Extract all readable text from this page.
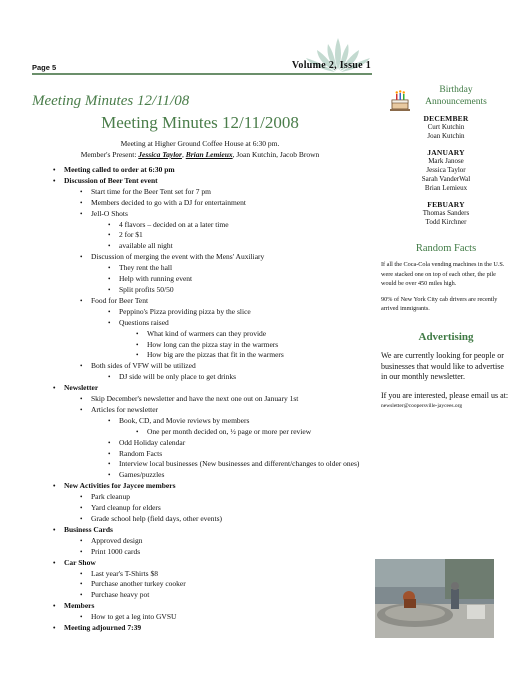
Page 5	Volume 2, Issue 1
Meeting Minutes 12/11/08
Meeting Minutes 12/11/2008
Meeting at Higher Ground Coffee House at 6:30 pm.
Member's Present: Jessica Taylor, Brian Lemieux, Joan Kutchin, Jacob Brown
• Meeting called to order at 6:30 pm
• Discussion of Beer Tent event
• Start time for the Beer Tent set for 7 pm
• Members decided to go with a DJ for entertainment
• Jell-O Shots
• 4 flavors – decided on at a later time
• 2 for $1
• available all night
• Discussion of merging the event with the Mens' Auxiliary
• They rent the hall
• Help with running event
• Split profits 50/50
• Food for Beer Tent
• Peppino's Pizza providing pizza by the slice
• Questions raised
• What kind of warmers can they provide
• How long can the pizza stay in the warmers
• How big are the pizzas that fit in the warmers
• Both sides of VFW will be utilized
• DJ side will be only place to get drinks
• Newsletter
• Skip December's newsletter and have the next one out on January 1st
• Articles for newsletter
• Book, CD, and Movie reviews by members
• One per month decided on, ½ page or more per review
• Odd Holiday calendar
• Random Facts
• Interview local businesses (New businesses and different/changes to older ones)
• Games/puzzles
• New Activities for Jaycee members
• Park cleanup
• Yard cleanup for elders
• Grade school help (field days, other events)
• Business Cards
• Approved design
• Print 1000 cards
• Car Show
• Last year's T-Shirts $8
• Purchase another turkey cooker
• Purchase heavy pot
• Members
• How to get a leg into GVSU
• Meeting adjourned 7:39
Birthday
Announcements
DECEMBER
Curt Kutchin
Joan Kutchin
JANUARY
Mark Janose
Jessica Taylor
Sarah VanderWal
Brian Lemieux
FEBUARY
Thomas Sanders
Todd Kirchner
Random Facts
If all the Coca-Cola vending machines in the U.S. were stacked one on top of each other, the pile would be over 450 miles high.
90% of New York City cab drivers are recently arrived immigrants.
Advertising
We are currently looking for people or businesses that would like to advertise in our monthly newsletter.
If you are interested, please email us at:
newsletter@coopersville-jaycees.org
